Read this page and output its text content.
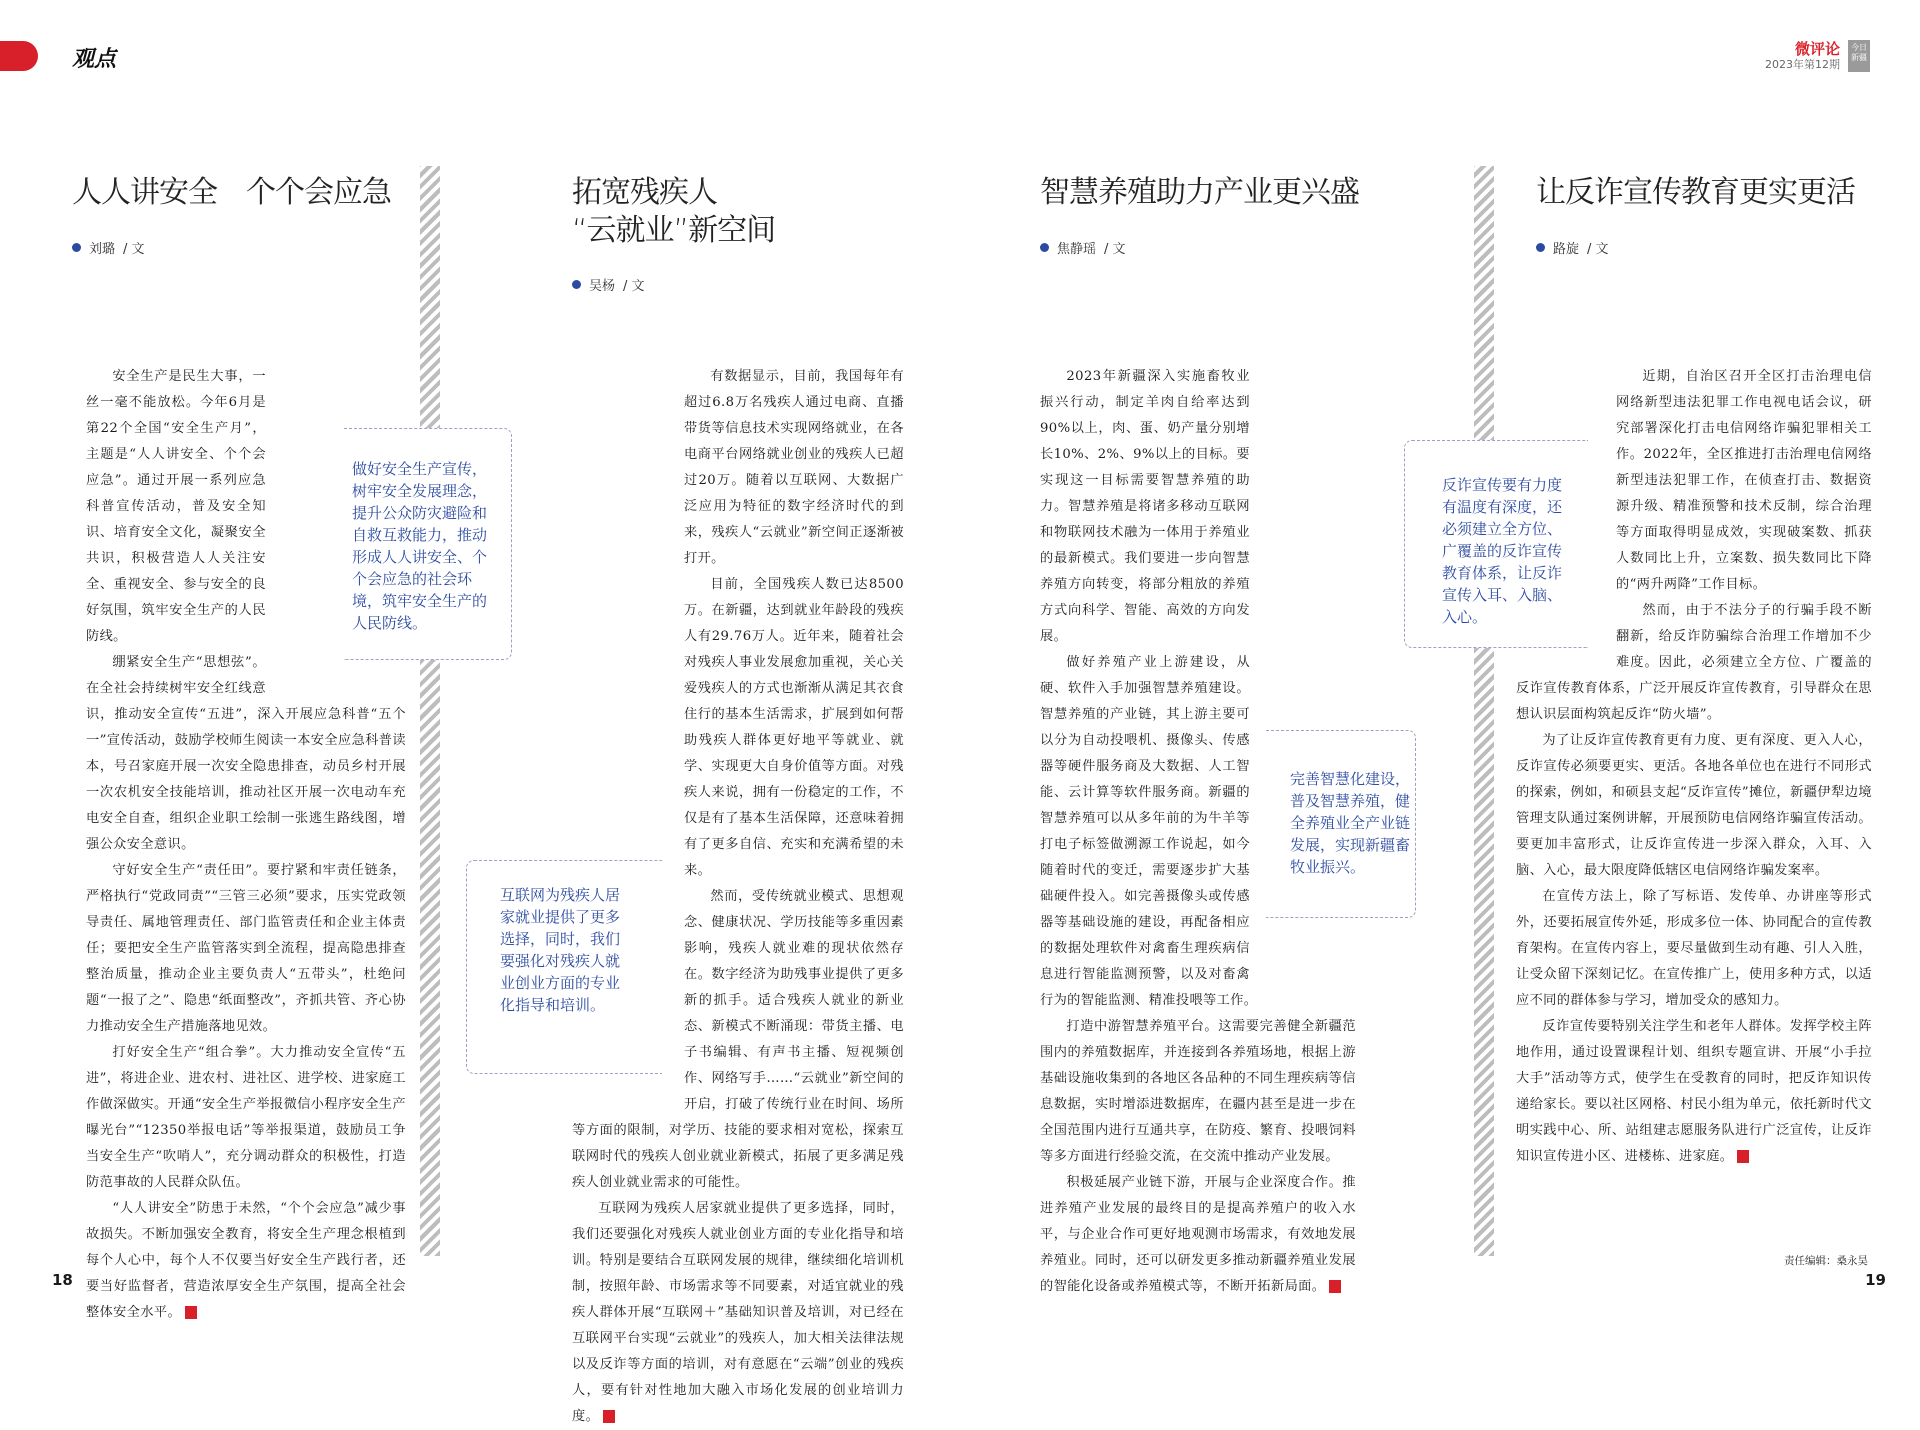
观点	微评论
2023年第12期
今日新疆
人人讲安全　个个会应急
刘璐 / 文

安全生产是民生大事，一丝一毫不能放松。今年6月是第22个全国“安全生产月”，主题是“人人讲安全、个个会应急”。通过开展一系列应急科普宣传活动，普及安全知识、培育安全文化，凝聚安全共识，积极营造人人关注安全、重视安全、参与安全的良好氛围，筑牢安全生产的人民防线。

绷紧安全生产“思想弦”。在全社会持续树牢安全红线意识，推动安全宣传“五进”，深入开展应急科普“五个一”宣传活动，鼓励学校师生阅读一本安全应急科普读本，号召家庭开展一次安全隐患排查，动员乡村开展一次农机安全技能培训，推动社区开展一次电动车充电安全自查，组织企业职工绘制一张逃生路线图，增强公众安全意识。

守好安全生产“责任田”。要拧紧和牢责任链条，严格执行“党政同责”“三管三必须”要求，压实党政领导责任、属地管理责任、部门监管责任和企业主体责任；要把安全生产监管落实到全流程，提高隐患排查整治质量，推动企业主要负责人“五带头”，杜绝问题“一报了之”、隐患“纸面整改”，齐抓共管、齐心协力推动安全生产措施落地见效。

打好安全生产“组合拳”。大力推动安全宣传“五进”，将进企业、进农村、进社区、进学校、进家庭工作做深做实。开通“安全生产举报微信小程序安全生产曝光台”“12350举报电话”等举报渠道，鼓励员工争当安全生产“吹哨人”，充分调动群众的积极性，打造防范事故的人民群众队伍。

“人人讲安全”防患于未然，“个个会应急”减少事故损失。不断加强安全教育，将安全生产理念根植到每个人心中，每个人不仅要当好安全生产践行者，还要当好监督者，营造浓厚安全生产氛围，提高全社会整体安全水平。

做好安全生产宣传，树牢安全发展理念，提升公众防灾避险和自救互救能力，推动形成人人讲安全、个个会应急的社会环境，筑牢安全生产的人民防线。
拓宽残疾人
“云就业”新空间
吴杨 / 文

有数据显示，目前，我国每年有超过6.8万名残疾人通过电商、直播带货等信息技术实现网络就业，在各电商平台网络就业创业的残疾人已超过20万。随着以互联网、大数据广泛应用为特征的数字经济时代的到来，残疾人“云就业”新空间正逐渐被打开。

目前，全国残疾人数已达8500万。在新疆，达到就业年龄段的残疾人有29.76万人。近年来，随着社会对残疾人事业发展愈加重视，关心关爱残疾人的方式也渐渐从满足其衣食住行的基本生活需求，扩展到如何帮助残疾人群体更好地平等就业、就学、实现更大自身价值等方面。对残疾人来说，拥有一份稳定的工作，不仅是有了基本生活保障，还意味着拥有了更多自信、充实和充满希望的未来。

然而，受传统就业模式、思想观念、健康状况、学历技能等多重因素影响，残疾人就业难的现状依然存在。数字经济为助残事业提供了更多新的抓手。适合残疾人就业的新业态、新模式不断涌现：带货主播、电子书编辑、有声书主播、短视频创作、网络写手……“云就业”新空间的开启，打破了传统行业在时间、场所等方面的限制，对学历、技能的要求相对宽松，探索互联网时代的残疾人创业就业新模式，拓展了更多满足残疾人创业就业需求的可能性。

互联网为残疾人居家就业提供了更多选择，同时，我们还要强化对残疾人就业创业方面的专业化指导和培训。特别是要结合互联网发展的规律，继续细化培训机制，按照年龄、市场需求等不同要素，对适宜就业的残疾人群体开展“互联网＋”基础知识普及培训，对已经在互联网平台实现“云就业”的残疾人，加大相关法律法规以及反诈等方面的培训，对有意愿在“云端”创业的残疾人，要有针对性地加大融入市场化发展的创业培训力度。

互联网为残疾人居家就业提供了更多选择，同时，我们要强化对残疾人就业创业方面的专业化指导和培训。
智慧养殖助力产业更兴盛
焦静瑶 / 文

2023年新疆深入实施畜牧业振兴行动，制定羊肉自给率达到90%以上，肉、蛋、奶产量分别增长10%、2%、9%以上的目标。要实现这一目标需要智慧养殖的助力。智慧养殖是将诸多移动互联网和物联网技术融为一体用于养殖业的最新模式。我们要进一步向智慧养殖方向转变，将部分粗放的养殖方式向科学、智能、高效的方向发展。

做好养殖产业上游建设，从硬、软件入手加强智慧养殖建设。智慧养殖的产业链，其上游主要可以分为自动投喂机、摄像头、传感器等硬件服务商及大数据、人工智能、云计算等软件服务商。新疆的智慧养殖可以从多年前的为牛羊等打电子标签做溯源工作说起，如今随着时代的变迁，需要逐步扩大基础硬件投入。如完善摄像头或传感器等基础设施的建设，再配备相应的数据处理软件对禽畜生理疾病信息进行智能监测预警，以及对畜禽行为的智能监测、精准投喂等工作。

打造中游智慧养殖平台。这需要完善健全新疆范围内的养殖数据库，并连接到各养殖场地，根据上游基础设施收集到的各地区各品种的不同生理疾病等信息数据，实时增添进数据库，在疆内甚至是进一步在全国范围内进行互通共享，在防疫、繁育、投喂饲料等多方面进行经验交流，在交流中推动产业发展。

积极延展产业链下游，开展与企业深度合作。推进养殖产业发展的最终目的是提高养殖户的收入水平，与企业合作可更好地观测市场需求，有效地发展养殖业。同时，还可以研发更多推动新疆养殖业发展的智能化设备或养殖模式等，不断开拓新局面。

完善智慧化建设，普及智慧养殖，健全养殖业全产业链发展，实现新疆畜牧业振兴。
让反诈宣传教育更实更活
路旋 / 文

近期，自治区召开全区打击治理电信网络新型违法犯罪工作电视电话会议，研究部署深化打击电信网络诈骗犯罪相关工作。2022年，全区推进打击治理电信网络新型违法犯罪工作，在侦查打击、数据资源升级、精准预警和技术反制，综合治理等方面取得明显成效，实现破案数、抓获人数同比上升，立案数、损失数同比下降的“两升两降”工作目标。

然而，由于不法分子的行骗手段不断翻新，给反诈防骗综合治理工作增加不少难度。因此，必须建立全方位、广覆盖的反诈宣传教育体系，广泛开展反诈宣传教育，引导群众在思想认识层面构筑起反诈“防火墙”。

为了让反诈宣传教育更有力度、更有深度、更入人心，反诈宣传必须要更实、更活。各地各单位也在进行不同形式的探索，例如，和硕县支起“反诈宣传”摊位，新疆伊犁边境管理支队通过案例讲解，开展预防电信网络诈骗宣传活动。要更加丰富形式，让反诈宣传进一步深入群众，入耳、入脑、入心，最大限度降低辖区电信网络诈骗发案率。

在宣传方法上，除了写标语、发传单、办讲座等形式外，还要拓展宣传外延，形成多位一体、协同配合的宣传教育架构。在宣传内容上，要尽量做到生动有趣、引人入胜，让受众留下深刻记忆。在宣传推广上，使用多种方式，以适应不同的群体参与学习，增加受众的感知力。

反诈宣传要特别关注学生和老年人群体。发挥学校主阵地作用，通过设置课程计划、组织专题宣讲、开展“小手拉大手”活动等方式，使学生在受教育的同时，把反诈知识传递给家长。要以社区网格、村民小组为单元，依托新时代文明实践中心、所、站组建志愿服务队进行广泛宣传，让反诈知识宣传进小区、进楼栋、进家庭。

反诈宣传要有力度有温度有深度，还必须建立全方位、广覆盖的反诈宣传教育体系，让反诈宣传入耳、入脑、入心。
18
责任编辑：桑永昊
19
